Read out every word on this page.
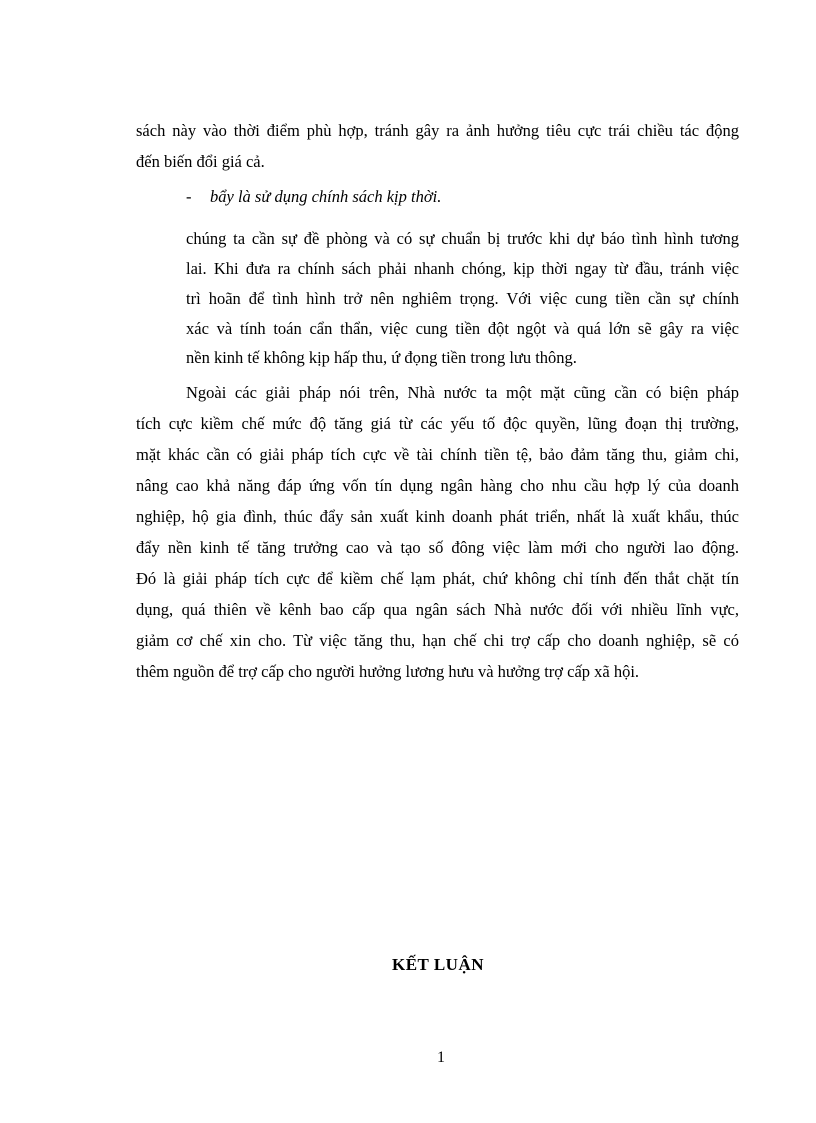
sách này vào thời điểm phù hợp, tránh gây ra ảnh hưởng tiêu cực trái chiều tác động
đến biến đổi giá cả.
- bẩy là sử dụng chính sách kịp thời.
chúng ta cần sự đề phòng và có sự chuẩn bị trước khi dự báo tình hình tương
lai. Khi đưa ra chính sách phải nhanh chóng, kịp thời ngay từ đầu, tránh việc
trì hoãn để tình hình trở nên nghiêm trọng. Với việc cung tiền cần sự chính
xác và tính toán cẩn thẩn, việc cung tiền đột ngột và quá lớn sẽ gây ra việc
nền kinh tế không kịp hấp thu, ứ đọng tiền trong lưu thông.
Ngoài các giải pháp nói trên, Nhà nước ta một mặt cũng cần có biện pháp
tích cực kiềm chế mức độ tăng giá từ các yếu tố độc quyền, lũng đoạn thị trường,
mặt khác cần có giải pháp tích cực về tài chính tiền tệ, bảo đảm tăng thu, giảm chi,
nâng cao khả năng đáp ứng vốn tín dụng ngân hàng cho nhu cầu hợp lý của doanh
nghiệp, hộ gia đình, thúc đẩy sản xuất kinh doanh phát triển, nhất là xuất khẩu, thúc
đẩy nền kinh tế tăng trưởng cao và tạo số đông việc làm mới cho người lao động.
Đó là giải pháp tích cực để kiềm chế lạm phát, chứ không chỉ tính đến thắt chặt tín
dụng, quá thiên về kênh bao cấp qua ngân sách Nhà nước đối với nhiều lĩnh vực,
giảm cơ chế xin cho. Từ việc tăng thu, hạn chế chi trợ cấp cho doanh nghiệp, sẽ có
thêm nguồn để trợ cấp cho người hưởng lương hưu và hưởng trợ cấp xã hội.
KẾT LUẬN
1
